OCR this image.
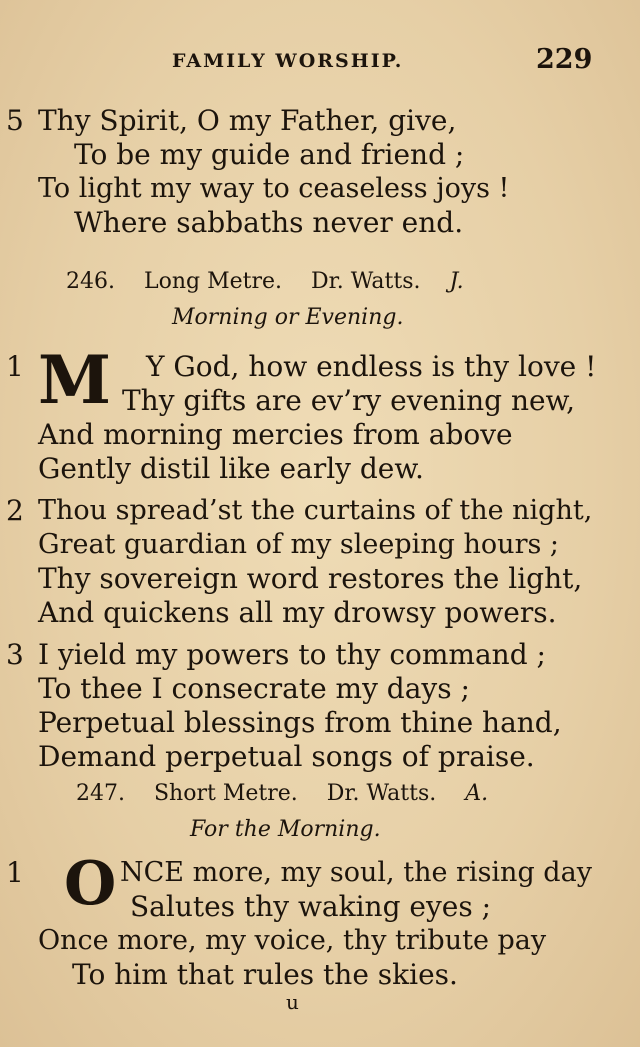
FAMILY WORSHIP.	229
5 Thy Spirit, O my Father, give,
To be my guide and friend ;
To light my way to ceaseless joys !
Where sabbaths never end.
246. Long Metre. Dr. Watts. J.
Morning or Evening.
1 M Y God, how endless is thy love !
Thy gifts are ev’ry evening new,
And morning mercies from above
Gently distil like early dew.
2 Thou spread’st the curtains of the night,
Great guardian of my sleeping hours ;
Thy sovereign word restores the light,
And quickens all my drowsy powers.
3 I yield my powers to thy command ;
To thee I consecrate my days ;
Perpetual blessings from thine hand,
Demand perpetual songs of praise.
247. Short Metre. Dr. Watts. A.
For the Morning.
1 O NCE more, my soul, the rising day
Salutes thy waking eyes ;
Once more, my voice, thy tribute pay
To him that rules the skies.
u
